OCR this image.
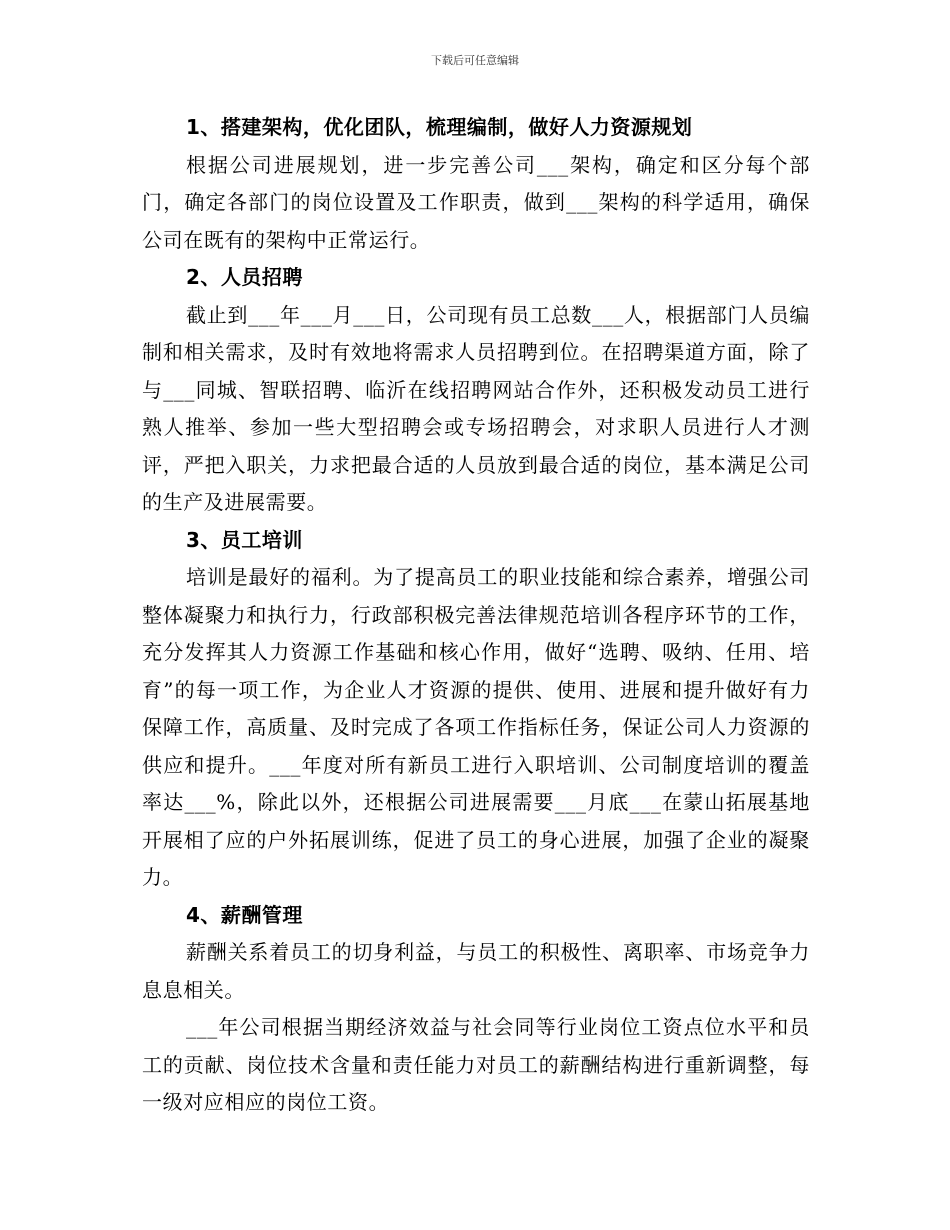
下载后可任意编辑

1、搭建架构，优化团队，梳理编制，做好人力资源规划

根据公司进展规划，进一步完善公司___架构，确定和区分每个部门，确定各部门的岗位设置及工作职责，做到___架构的科学适用，确保公司在既有的架构中正常运行。

2、人员招聘

截止到___年___月___日，公司现有员工总数___人，根据部门人员编制和相关需求，及时有效地将需求人员招聘到位。在招聘渠道方面，除了与___同城、智联招聘、临沂在线招聘网站合作外，还积极发动员工进行熟人推举、参加一些大型招聘会或专场招聘会，对求职人员进行人才测评，严把入职关，力求把最合适的人员放到最合适的岗位，基本满足公司的生产及进展需要。

3、员工培训

培训是最好的福利。为了提高员工的职业技能和综合素养，增强公司整体凝聚力和执行力，行政部积极完善法律规范培训各程序环节的工作，充分发挥其人力资源工作基础和核心作用，做好“选聘、吸纳、任用、培育”的每一项工作，为企业人才资源的提供、使用、进展和提升做好有力保障工作，高质量、及时完成了各项工作指标任务，保证公司人力资源的供应和提升。___年度对所有新员工进行入职培训、公司制度培训的覆盖率达___%，除此以外，还根据公司进展需要___月底___在蒙山拓展基地开展相了应的户外拓展训练，促进了员工的身心进展，加强了企业的凝聚力。

4、薪酬管理

薪酬关系着员工的切身利益，与员工的积极性、离职率、市场竞争力息息相关。

___年公司根据当期经济效益与社会同等行业岗位工资点位水平和员工的贡献、岗位技术含量和责任能力对员工的薪酬结构进行重新调整，每一级对应相应的岗位工资。
